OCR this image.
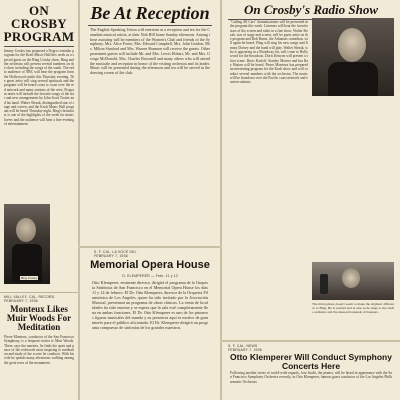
ON CROSBY PROGRAM
Jimmy Crosby has proposed a Negro contralto program for the Kraft Music Hall this week as a special guest on the Bing Crosby show. Bing and the orchestra will present several numbers on the show including the songs of the south. The radio audience of NBC will hear the program from the Hollywood studio this Thursday evening. The guest artist will sing several spirituals and the program will be heard coast to coast over the red network and many stations of the west. Program notes will include the favorite songs of the star and new arrangements by John Scott Trotter and his band. Walter Slezak, distinguished star of stage and screen, and the Kraft Music Hall program will be heard Thursday night. Bing's broadcast is one of the highlights of the week for music lovers and the audience will hear a fine evening of entertainment.
Bing Crosby
MILL VALLEY, CAL. RECORD
FEBRUARY 7, 1936
Monteux Likes Muir Woods For Meditation
Pierre Monteux, conductor of the San Francisco Symphony, is a frequent visitor to Muir Woods. There, says the maestro, he finds the quiet and peace of the redwoods most inspiring to meditation and study of the scores he conducts. With his wife he spends many afternoons walking among the great trees of the monument.
Be At Reception
The English Speaking Union will entertain at a reception and tea for the Canadian musical artists, at their Nob Hill home Sunday afternoon. Among those assisting will be members of the Women's Club and friends of the Symphony. Mrs. Alice Porter, Mrs. Edward Campbell, Mrs. John Gordon, Mrs. Milton Stanford and Mrs. Warren Shannon will receive the guests. Other prominent guests will include Mr. and Mrs. Lewis Hobart, Mr. and Mrs. George McDonald, Mrs. Charles Brownell and many others who will attend the musicale and reception in honor of the visiting orchestra and its leader. Music will be presented during the afternoon and tea will be served in the drawing rooms of the club.
S. F. CAL. LA VOCE DEL
FEBRUARY 7, 1936
Memorial Opera House
O. KLEMPERER — Febr. 11 y 12
Otto Klemperer, eminente director, dirigirá el programa de la Orquesta Sinfónica de San Francisco en el Memorial Opera House los días 11 y 12 de febrero. El Dr. Otto Klemperer, director de la Orquesta Filarmónica de Los Angeles, quien ha sido invitado por la Asociación Musical, presentará un programa de obras clásicas. La venta de localidades ha sido enorme y se espera que la sala esté completamente llena en ambas funciones. El Dr. Otto Klemperer es uno de los primeros figuras musicales del mundo y su presencia aquí es motivo de gran interés para el público aficionado. El Dr. Klemperer dirigirá un programa compuesto de sinfonías de los grandes maestros.
On Crosby's Radio Show
"Calling All Cars" dramatizations will be presented in the program this week. Listeners will hear the favorite stars of the screen and radio in a fine show. Walter Slezak, star of stage and screen, will be guest artist on the program and Bob Burns, the Arkansas comedian, will again be heard. Bing will sing his new songs and Jimmy Dorsey and the band will play. Walter Slezak, who is appearing in a Broadway hit, will come to Hollywood for the broadcast. Doris Kenyon will present a short scene. Boris Karloff, Stanley Morner and Ina Ray Hutton will be heard. Pierre Monteux has prepared an interesting program for the Kraft show and will conduct several numbers with the orchestra. The music will be broadcast over the Pacific coast network and eastern stations.
The microphone doesn't seem to make the slightest difference to Bing. He is relaxed and at ease as he sings to the studio audience and the unseen thousands of listeners.
S. F. CAL. NEWS
FEBRUARY 7, 1936
Otto Klemperer Will Conduct Symphony Concerts Here
Following another series of world-wide regards, Jose Iturbi, the pianist, will be heard in appearance with the San Francisco Symphony Orchestra recently, as Otto Klemperer, famous guest conductor of the Los Angeles Philharmonic Orchestra.
